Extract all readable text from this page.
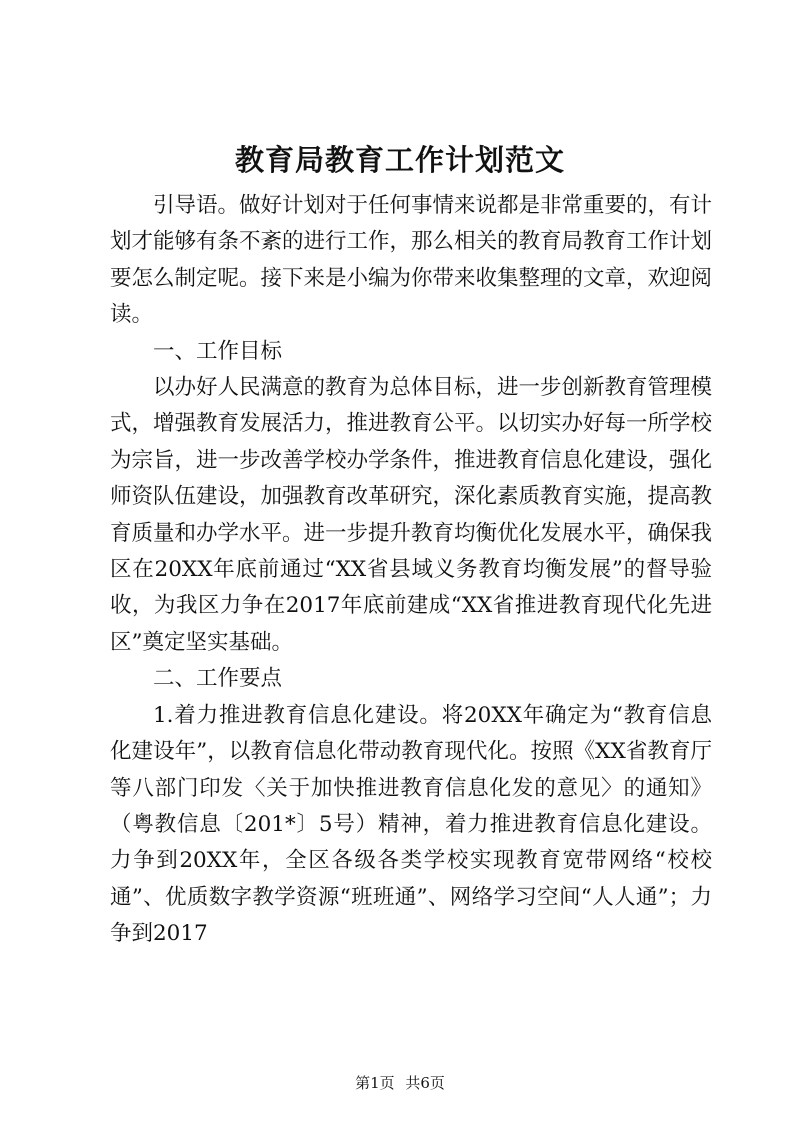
教育局教育工作计划范文

引导语。做好计划对于任何事情来说都是非常重要的，有计划才能够有条不紊的进行工作，那么相关的教育局教育工作计划要怎么制定呢。接下来是小编为你带来收集整理的文章，欢迎阅读。

一、工作目标

以办好人民满意的教育为总体目标，进一步创新教育管理模式，增强教育发展活力，推进教育公平。以切实办好每一所学校为宗旨，进一步改善学校办学条件，推进教育信息化建设，强化师资队伍建设，加强教育改革研究，深化素质教育实施，提高教育质量和办学水平。进一步提升教育均衡优化发展水平，确保我区在20XX年底前通过“XX省县域义务教育均衡发展”的督导验收，为我区力争在2017年底前建成“XX省推进教育现代化先进区”奠定坚实基础。

二、工作要点

1.着力推进教育信息化建设。将20XX年确定为“教育信息化建设年”，以教育信息化带动教育现代化。按照《XX省教育厅等八部门印发〈关于加快推进教育信息化发的意见〉的通知》（粤教信息〔201*〕5号）精神，着力推进教育信息化建设。力争到20XX年，全区各级各类学校实现教育宽带网络“校校通”、优质数字教学资源“班班通”、网络学习空间“人人通”；力争到2017

第1页 共6页
